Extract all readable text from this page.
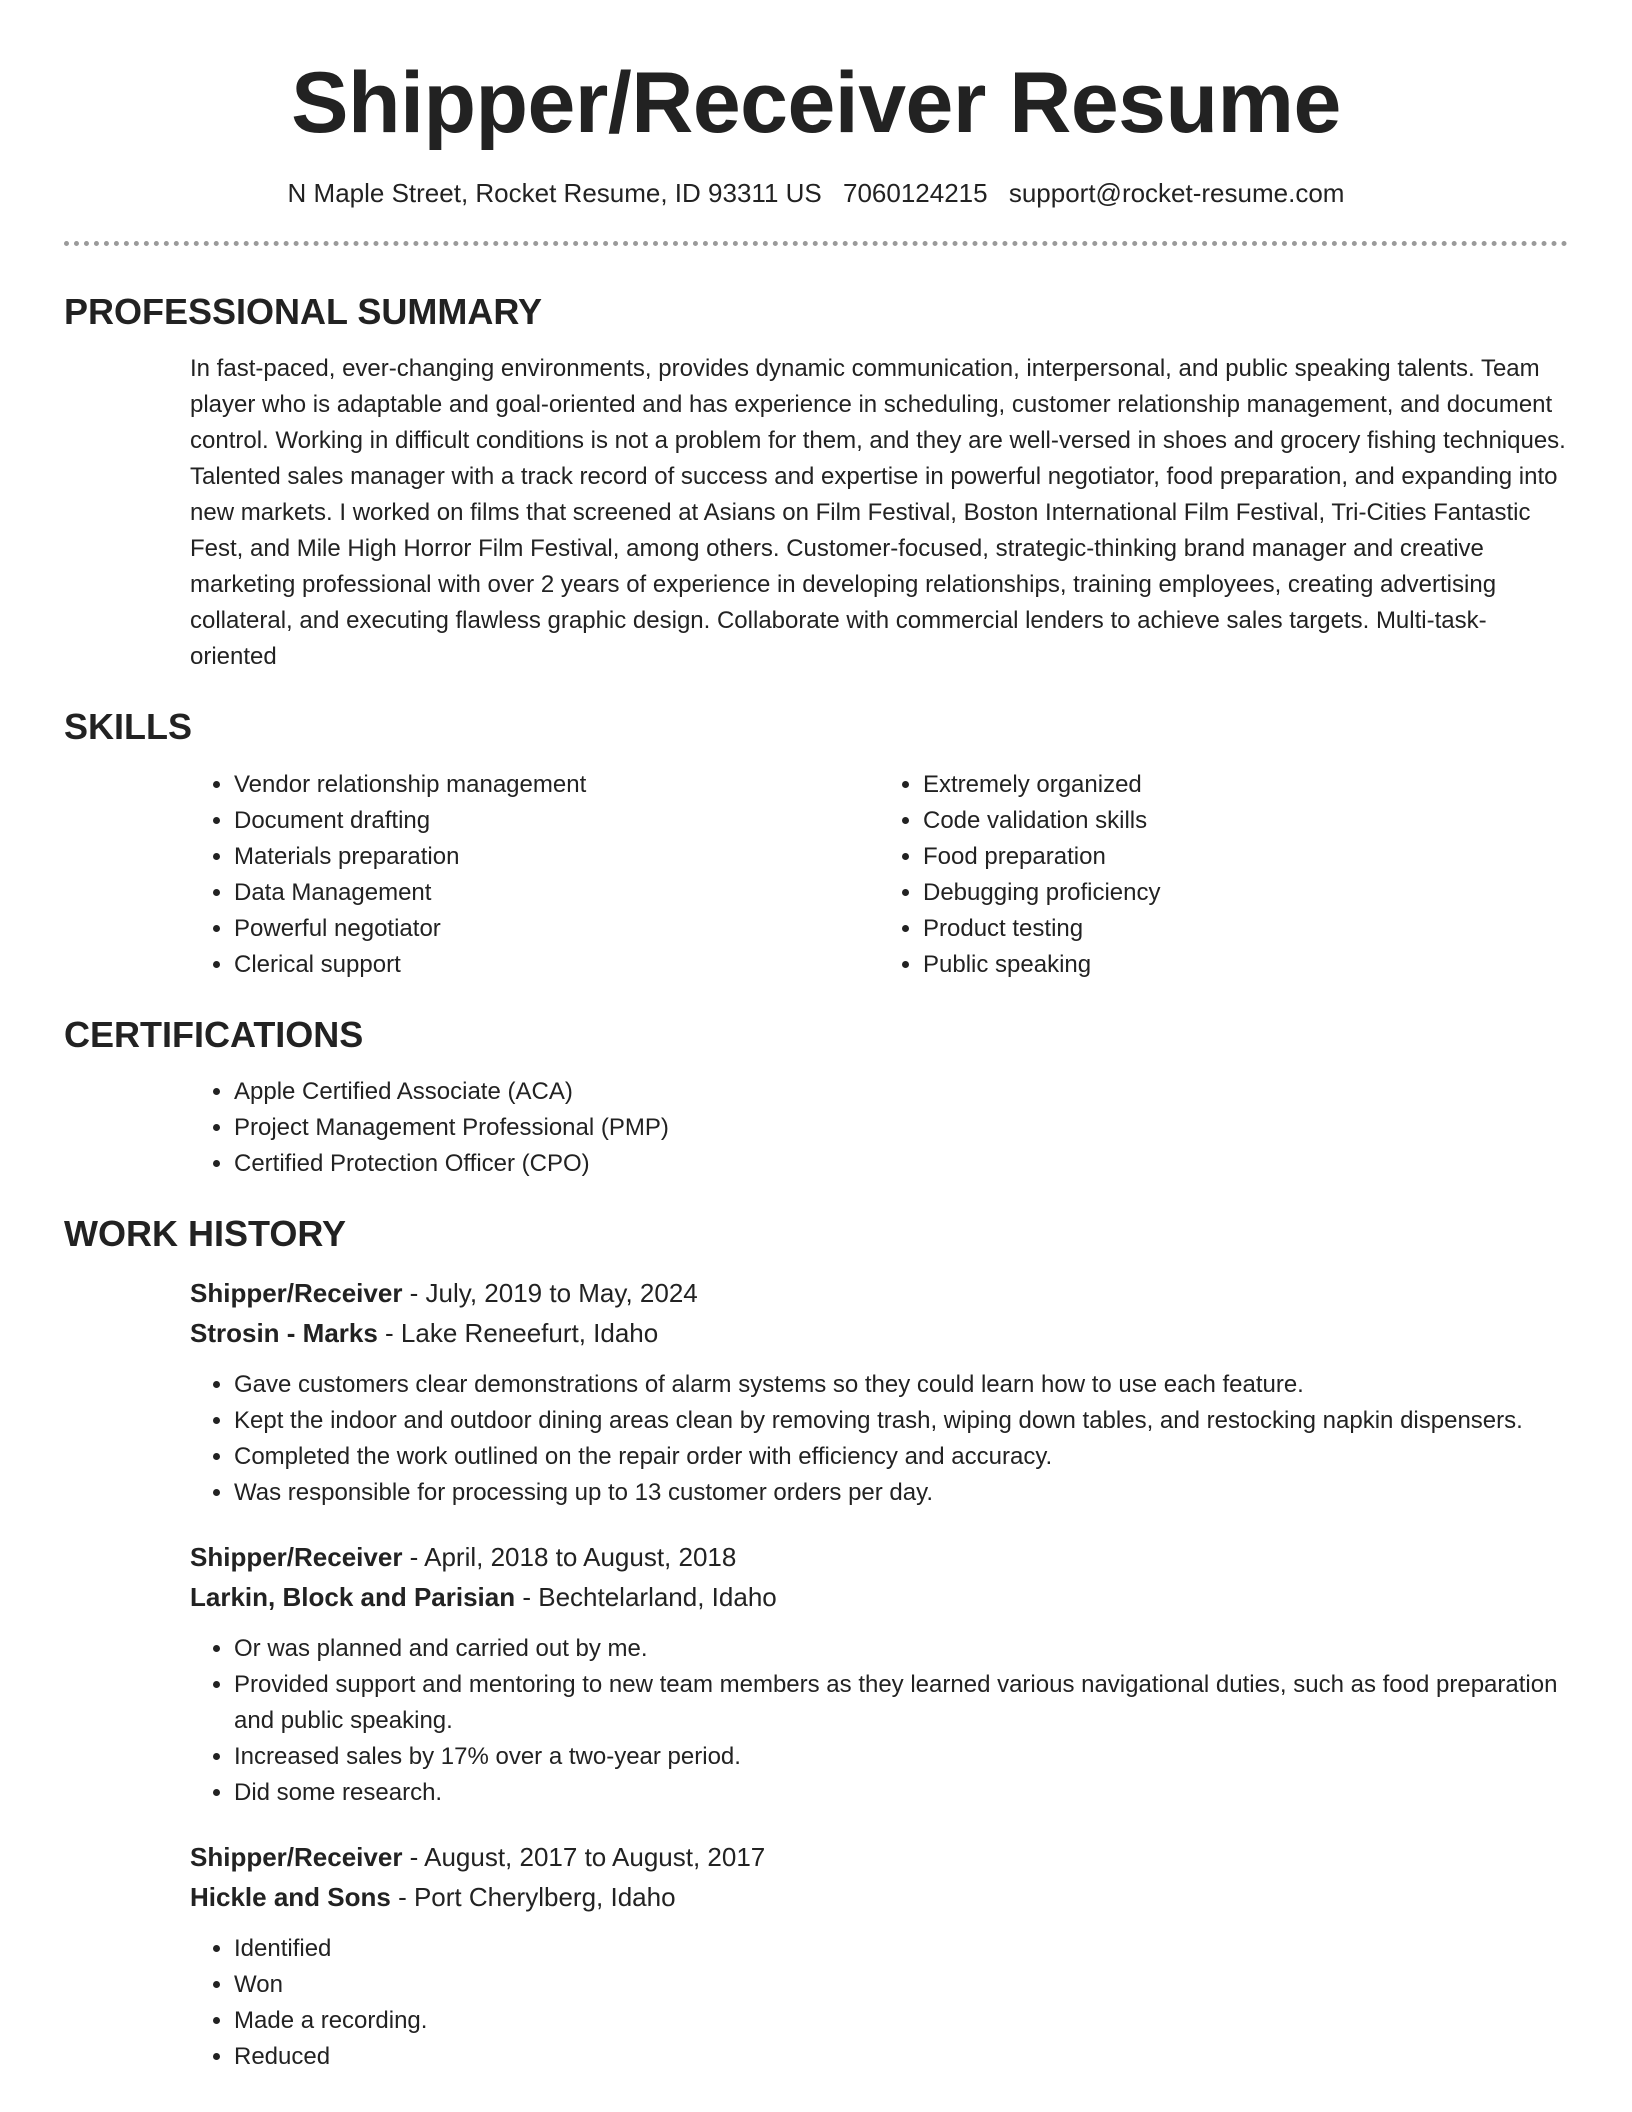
Shipper/Receiver Resume
N Maple Street, Rocket Resume, ID 93311 US 7060124215 support@rocket-resume.com
PROFESSIONAL SUMMARY

In fast-paced, ever-changing environments, provides dynamic communication, interpersonal, and public speaking talents. Team player who is adaptable and goal-oriented and has experience in scheduling, customer relationship management, and document control. Working in difficult conditions is not a problem for them, and they are well-versed in shoes and grocery fishing techniques. Talented sales manager with a track record of success and expertise in powerful negotiator, food preparation, and expanding into new markets. I worked on films that screened at Asians on Film Festival, Boston International Film Festival, Tri-Cities Fantastic Fest, and Mile High Horror Film Festival, among others. Customer-focused, strategic-thinking brand manager and creative marketing professional with over 2 years of experience in developing relationships, training employees, creating advertising collateral, and executing flawless graphic design. Collaborate with commercial lenders to achieve sales targets. Multi-task-oriented

SKILLS
• Vendor relationship management
• Document drafting
• Materials preparation
• Data Management
• Powerful negotiator
• Clerical support
• Extremely organized
• Code validation skills
• Food preparation
• Debugging proficiency
• Product testing
• Public speaking
CERTIFICATIONS
• Apple Certified Associate (ACA)
• Project Management Professional (PMP)
• Certified Protection Officer (CPO)
WORK HISTORY
Shipper/Receiver - July, 2019 to May, 2024
Strosin - Marks - Lake Reneefurt, Idaho
• Gave customers clear demonstrations of alarm systems so they could learn how to use each feature.
• Kept the indoor and outdoor dining areas clean by removing trash, wiping down tables, and restocking napkin dispensers.
• Completed the work outlined on the repair order with efficiency and accuracy.
• Was responsible for processing up to 13 customer orders per day.
Shipper/Receiver - April, 2018 to August, 2018
Larkin, Block and Parisian - Bechtelarland, Idaho
• Or was planned and carried out by me.
• Provided support and mentoring to new team members as they learned various navigational duties, such as food preparation and public speaking.
• Increased sales by 17% over a two-year period.
• Did some research.
Shipper/Receiver - August, 2017 to August, 2017
Hickle and Sons - Port Cherylberg, Idaho
• Identified
• Won
• Made a recording.
• Reduced
